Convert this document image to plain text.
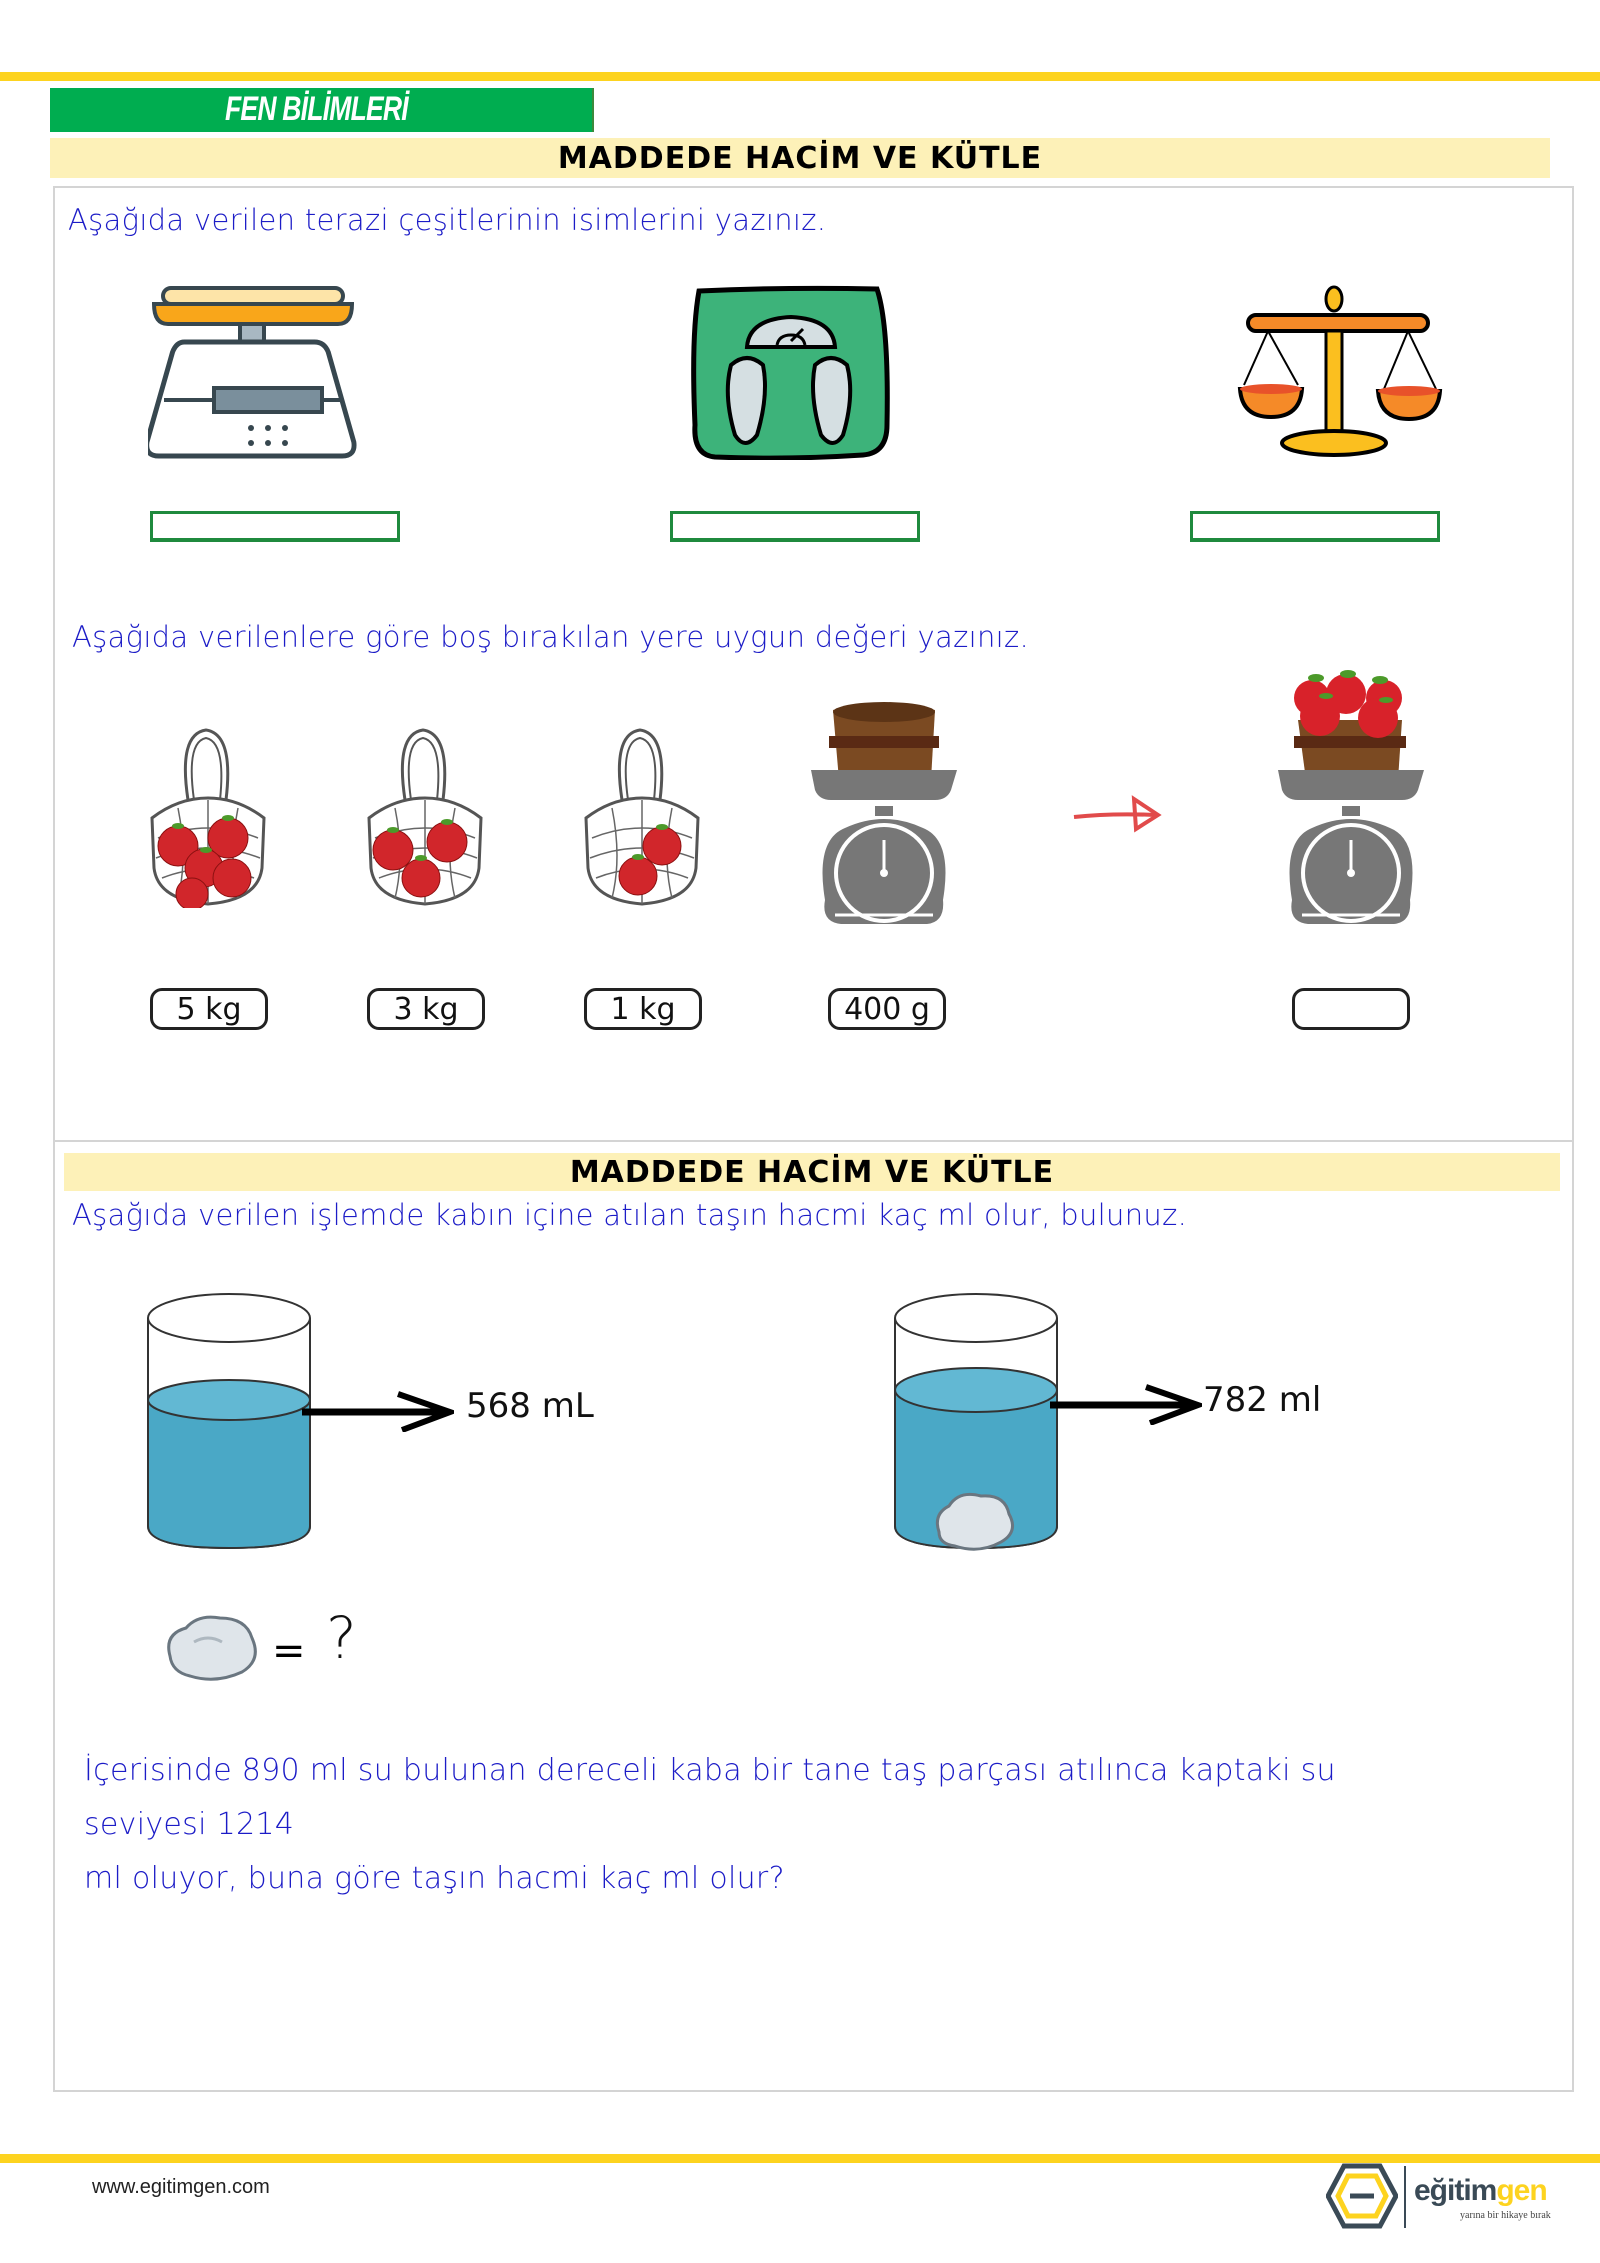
FEN BİLİMLERİ
MADDEDE HACİM VE KÜTLE
Aşağıda verilen terazi çeşitlerinin isimlerini yazınız.
Aşağıda verilenlere göre boş bırakılan yere uygun değeri yazınız.
5 kg	3 kg	1 kg	400 g
MADDEDE HACİM VE KÜTLE
Aşağıda verilen işlemde kabın içine atılan taşın hacmi kaç ml olur, bulunuz.
568 mL	782 ml
= ?
İçerisinde 890 ml su bulunan dereceli kaba bir tane taş parçası atılınca kaptaki su seviyesi 1214
ml oluyor, buna göre taşın hacmi kaç ml olur?
www.egitimgen.com	eğitimgen
yarına bir hikaye bırak
